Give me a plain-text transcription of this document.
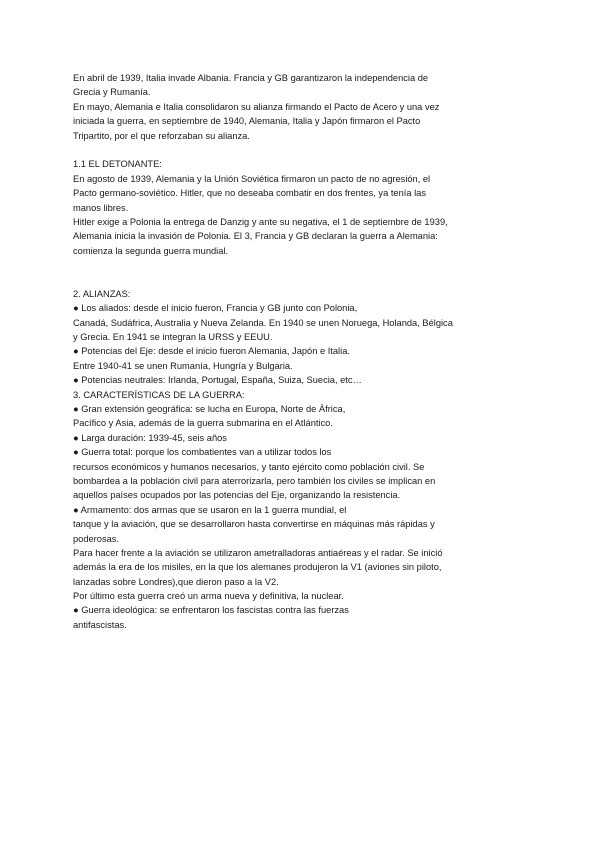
En abril de 1939, Italia invade Albania. Francia y GB garantizaron la independencia de
Grecia y Rumanía.
En mayo, Alemania e Italia consolidaron su alianza firmando el Pacto de Acero y una vez
iniciada la guerra, en septiembre de 1940, Alemania, Italia y Japón firmaron el Pacto
Tripartito, por el que reforzaban su alianza.
1.1 EL DETONANTE:
En agosto de 1939, Alemania y la Unión Soviética firmaron un pacto de no agresión, el
Pacto germano-soviético. Hitler, que no deseaba combatir en dos frentes, ya tenía las
manos libres.
Hitler exige a Polonia la entrega de Danzig y ante su negativa, el 1 de septiembre de 1939,
Alemania inicia la invasión de Polonia. El 3, Francia y GB declaran la guerra a Alemania:
comienza la segunda guerra mundial.
2. ALIANZAS:
● Los aliados: desde el inicio fueron, Francia y GB junto con Polonia,
Canadá, Sudáfrica, Australia y Nueva Zelanda. En 1940 se unen Noruega, Holanda, Bélgica
y Grecia. En 1941 se integran la URSS y EEUU.
● Potencias del Eje: desde el inicio fueron Alemania, Japón e Italia.
Entre 1940-41 se unen Rumanía, Hungría y Bulgaria.
● Potencias neutrales: Irlanda, Portugal, España, Suiza, Suecia, etc…
3. CARACTERÍSTICAS DE LA GUERRA:
● Gran extensión geográfica: se lucha en Europa, Norte de África,
Pacífico y Asia, además de la guerra submarina en el Atlántico.
● Larga duración: 1939-45, seis años
● Guerra total: porque los combatientes van a utilizar todos los
recursos económicos y humanos necesarios, y tanto ejército como población civil. Se
bombardea a la población civil para aterrorizarla, pero también los civiles se implican en
aquellos países ocupados por las potencias del Eje, organizando la resistencia.
● Armamento: dos armas que se usaron en la 1 guerra mundial, el
tanque y la aviación, que se desarrollaron hasta convertirse en máquinas más rápidas y
poderosas.
Para hacer frente a la aviación se utilizaron ametralladoras antiaéreas y el radar. Se inició
además la era de los misiles, en la que los alemanes produjeron la V1 (aviones sin piloto,
lanzadas sobre Londres),que dieron paso a la V2.
Por último esta guerra creó un arma nueva y definitiva, la nuclear.
● Guerra ideológica: se enfrentaron los fascistas contra las fuerzas
antifascistas.
